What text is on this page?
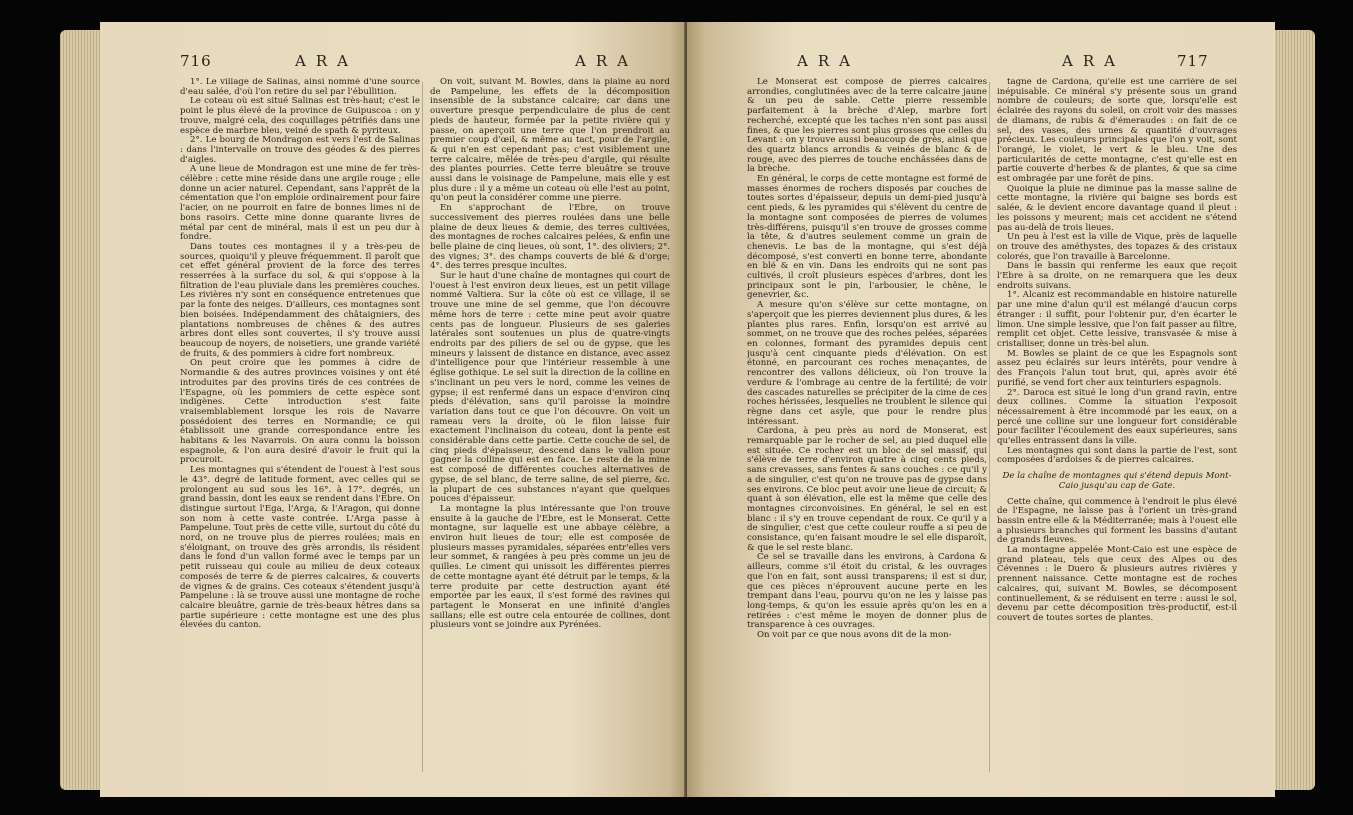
716	ARA	ARA

1°. Le village de Salinas, ainsi nommé d'une source d'eau salée, d'où l'on retire du sel par l'ébullition.

Le coteau où est situé Salinas est très-haut; c'est le point le plus élevé de la province de Guipuscoa : on y trouve, malgré cela, des coquillages pétrifiés dans une espèce de marbre bleu, veiné de spath & pyriteux.

2°. Le bourg de Mondragon est vers l'est de Salinas : dans l'intervalle on trouve des géodes & des pierres d'aigles.

A une lieue de Mondragon est une mine de fer très-célèbre : cette mine réside dans une argile rouge ; elle donne un acier naturel. Cependant, sans l'apprêt de la cémentation que l'on emploie ordinairement pour faire l'acier, on ne pourroit en faire de bonnes limes ni de bons rasoirs. Cette mine donne quarante livres de métal par cent de minéral, mais il est un peu dur à fondre.

Dans toutes ces montagnes il y a très-peu de sources, quoiqu'il y pleuve fréquemment. Il paroît que cet effet général provient de la force des terres resserrées à la surface du sol, & qui s'oppose à la filtration de l'eau pluviale dans les premières couches. Les rivières n'y sont en conséquence entretenues que par la fonte des neiges. D'ailleurs, ces montagnes sont bien boisées. Indépendamment des châtaigniers, des plantations nombreuses de chênes & des autres arbres dont elles sont couvertes, il s'y trouve aussi beaucoup de noyers, de noisetiers, une grande variété de fruits, & des pommiers à cidre fort nombreux.

On peut croire que les pommes à cidre de Normandie & des autres provinces voisines y ont été introduites par des provins tirés de ces contrées de l'Espagne, où les pommiers de cette espèce sont indigènes. Cette introduction s'est faite vraisemblablement lorsque les rois de Navarre possédoient des terres en Normandie; ce qui établissoit une grande correspondance entre les habitans & les Navarrois. On aura connu la boisson espagnole, & l'on aura desiré d'avoir le fruit qui la procuroit.

Les montagnes qui s'étendent de l'ouest à l'est sous le 43°. degré de latitude forment, avec celles qui se prolongent au sud sous les 16°. à 17°. degrés, un grand bassin, dont les eaux se rendent dans l'Ebre. On distingue surtout l'Ega, l'Arga, & l'Aragon, qui donne son nom à cette vaste contrée. L'Arga passe à Pampelune. Tout près de cette ville, surtout du côté du nord, on ne trouve plus de pierres roulées; mais en s'éloignant, on trouve des grès arrondis, ils résident dans le fond d'un vallon formé avec le temps par un petit ruisseau qui coule au milieu de deux coteaux composés de terre & de pierres calcaires, & couverts de vignes & de grains. Ces coteaux s'étendent jusqu'à Pampelune : là se trouve aussi une montagne de roche calcaire bleuâtre, garnie de très-beaux hêtres dans sa partie supérieure : cette montagne est une des plus élevées du canton.

On voit, suivant M. Bowles, dans la plaine au nord de Pampelune, les effets de la décomposition insensible de la substance calcaire; car dans une ouverture presque perpendiculaire de plus de cent pieds de hauteur, formée par la petite rivière qui y passe, on aperçoit une terre que l'on prendroit au premier coup d'œil, & même au tact, pour de l'argile, & qui n'en est cependant pas; c'est visiblement une terre calcaire, mêlée de très-peu d'argile, qui résulte des plantes pourries. Cette terre bleuâtre se trouve aussi dans le voisinage de Pampelune, mais elle y est plus dure : il y a même un coteau où elle l'est au point, qu'on peut la considérer comme une pierre.

En s'approchant de l'Ebre, on trouve successivement des pierres roulées dans une belle plaine de deux lieues & demie, des terres cultivées, des montagnes de roches calcaires pelées, & enfin une belle plaine de cinq lieues, où sont, 1°. des oliviers; 2°. des vignes; 3°. des champs couverts de blé & d'orge; 4°. des terres presque incultes.

Sur le haut d'une chaîne de montagnes qui court de l'ouest à l'est environ deux lieues, est un petit village nommé Valtiera. Sur la côte où est ce village, il se trouve une mine de sel gemme, que l'on découvre même hors de terre : cette mine peut avoir quatre cents pas de longueur. Plusieurs de ses galeries latérales sont soutenues un plus de quatre-vingts endroits par des piliers de sel ou de gypse, que les mineurs y laissent de distance en distance, avec assez d'intelligence pour que l'intérieur ressemble à une église gothique. Le sel suit la direction de la colline en s'inclinant un peu vers le nord, comme les veines de gypse; il est renfermé dans un espace d'environ cinq pieds d'élévation, sans qu'il paroisse la moindre variation dans tout ce que l'on découvre. On voit un rameau vers la droite, où le filon laisse fuir exactement l'inclinaison du coteau, dont la pente est considérable dans cette partie. Cette couche de sel, de cinq pieds d'épaisseur, descend dans le vallon pour gagner la colline qui est en face. Le reste de la mine est composé de différentes couches alternatives de gypse, de sel blanc, de terre saline, de sel pierre, &c. la plupart de ces substances n'ayant que quelques pouces d'épaisseur.

La montagne la plus intéressante que l'on trouve ensuite à la gauche de l'Ebre, est le Monserat. Cette montagne, sur laquelle est une abbaye célèbre, a environ huit lieues de tour; elle est composée de plusieurs masses pyramidales, séparées entr'elles vers leur sommet, & rangées à peu près comme un jeu de quilles. Le ciment qui unissoit les différentes pierres de cette montagne ayant été détruit par le temps, & la terre produite par cette destruction ayant été emportée par les eaux, il s'est formé des ravines qui partagent le Monserat en une infinité d'angles saillans; elle est outre cela entourée de collines, dont plusieurs vont se joindre aux Pyrénées.

ARA	ARA	717

Le Monserat est composé de pierres calcaires arrondies, conglutinées avec de la terre calcaire jaune & un peu de sable. Cette pierre ressemble parfaitement à la brèche d'Alep, marbre fort recherché, excepté que les taches n'en sont pas aussi fines, & que les pierres sont plus grosses que celles du Levant : on y trouve aussi beaucoup de grès, ainsi que des quartz blancs arrondis & veinés de blanc & de rouge, avec des pierres de touche enchâssées dans de la brèche.

En général, le corps de cette montagne est formé de masses énormes de rochers disposés par couches de toutes sortes d'épaisseur, depuis un demi-pied jusqu'à cent pieds, & les pyramides qui s'élèvent du centre de la montagne sont composées de pierres de volumes très-différens, puisqu'il s'en trouve de grosses comme la tête, & d'autres seulement comme un grain de chenevis. Le bas de la montagne, qui s'est déjà décomposé, s'est converti en bonne terre, abondante en blé & en vin. Dans les endroits qui ne sont pas cultivés, il croît plusieurs espèces d'arbres, dont les principaux sont le pin, l'arbousier, le chêne, le genevrier, &c.

A mesure qu'on s'élève sur cette montagne, on s'aperçoit que les pierres deviennent plus dures, & les plantes plus rares. Enfin, lorsqu'on est arrivé au sommet, on ne trouve que des roches pelées, séparées en colonnes, formant des pyramides depuis cent jusqu'à cent cinquante pieds d'élévation. On est étonné, en parcourant ces roches menaçantes, de rencontrer des vallons délicieux, où l'on trouve la verdure & l'ombrage au centre de la fertilité; de voir des cascades naturelles se précipiter de la cime de ces roches hérissées, lesquelles ne troublent le silence qui règne dans cet asyle, que pour le rendre plus intéressant.

Cardona, à peu près au nord de Monserat, est remarquable par le rocher de sel, au pied duquel elle est située. Ce rocher est un bloc de sel massif, qui s'élève de terre d'environ quatre à cinq cents pieds, sans crevasses, sans fentes & sans couches : ce qu'il y a de singulier, c'est qu'on ne trouve pas de gypse dans ses environs. Ce bloc peut avoir une lieue de circuit; & quant à son élévation, elle est la même que celle des montagnes circonvoisines. En général, le sel en est blanc : il s'y en trouve cependant de roux. Ce qu'il y a de singulier, c'est que cette couleur rouffe a si peu de consistance, qu'en faisant moudre le sel elle disparoît, & que le sel reste blanc.

Ce sel se travaille dans les environs, à Cardona & ailleurs, comme s'il étoit du cristal, & les ouvrages que l'on en fait, sont aussi transparens; il est si dur, que ces pièces n'éprouvent aucune perte en les trempant dans l'eau, pourvu qu'on ne les y laisse pas long-temps, & qu'on les essuie après qu'on les en a retirées : c'est même le moyen de donner plus de transparence à ces ouvrages.

On voit par ce que nous avons dit de la mon-

tagne de Cardona, qu'elle est une carrière de sel inépuisable. Ce minéral s'y présente sous un grand nombre de couleurs; de sorte que, lorsqu'elle est éclairée des rayons du soleil, on croit voir des masses de diamans, de rubis & d'émeraudes : on fait de ce sel, des vases, des urnes & quantité d'ouvrages précieux. Les couleurs principales que l'on y voit, sont l'orangé, le violet, le vert & le bleu. Une des particularités de cette montagne, c'est qu'elle est en partie couverte d'herbes & de plantes, & que sa cime est ombragée par une forêt de pins.

Quoique la pluie ne diminue pas la masse saline de cette montagne, la rivière qui baigne ses bords est salée, & le devient encore davantage quand il pleut : les poissons y meurent; mais cet accident ne s'étend pas au-delà de trois lieues.

Un peu à l'est est la ville de Vique, près de laquelle on trouve des améthystes, des topazes & des cristaux colorés, que l'on travaille à Barcelonne.

Dans le bassin qui renferme les eaux que reçoit l'Ebre à sa droite, on ne remarquera que les deux endroits suivans.

1°. Alcaniz est recommandable en histoire naturelle par une mine d'alun qu'il est mélangé d'aucun corps étranger : il suffit, pour l'obtenir pur, d'en écarter le limon. Une simple lessive, que l'on fait passer au filtre, remplit cet objet. Cette lessive, transvasée & mise à cristalliser, donne un très-bel alun.

M. Bowles se plaint de ce que les Espagnols sont assez peu éclairés sur leurs intérêts, pour vendre à des François l'alun tout brut, qui, après avoir été purifié, se vend fort cher aux teinturiers espagnols.

2°. Daroca est situé le long d'un grand ravin, entre deux collines. Comme la situation l'exposoit nécessairement à être incommodé par les eaux, on a percé une colline sur une longueur fort considérable pour faciliter l'écoulement des eaux supérieures, sans qu'elles entrassent dans la ville.

Les montagnes qui sont dans la partie de l'est, sont composées d'ardoises & de pierres calcaires.

De la chaîne de montagnes qui s'étend depuis Mont-Caio jusqu'au cap de Gate.

Cette chaîne, qui commence à l'endroit le plus élevé de l'Espagne, ne laisse pas à l'orient un très-grand bassin entre elle & la Méditerranée; mais à l'ouest elle a plusieurs branches qui forment les bassins d'autant de grands fleuves.

La montagne appelée Mont-Caio est une espèce de grand plateau, tels que ceux des Alpes ou des Cévennes : le Duero & plusieurs autres rivières y prennent naissance. Cette montagne est de roches calcaires, qui, suivant M. Bowles, se décomposent continuellement, & se réduisent en terre : aussi le sol, devenu par cette décomposition très-productif, est-il couvert de toutes sortes de plantes.
